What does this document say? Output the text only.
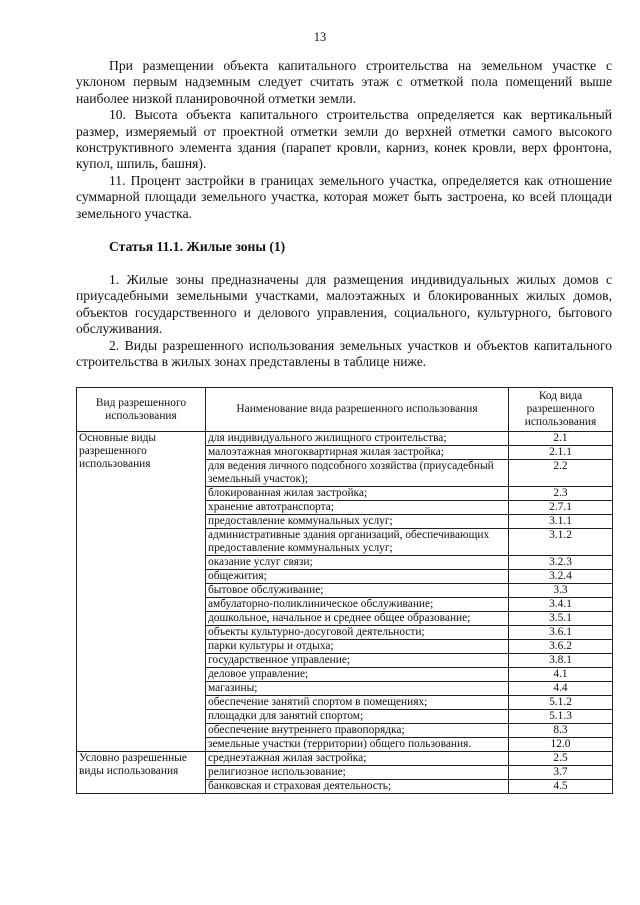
13

При размещении объекта капитального строительства на земельном участке с уклоном первым надземным следует считать этаж с отметкой пола помещений выше наиболее низкой планировочной отметки земли.

10. Высота объекта капитального строительства определяется как вертикальный размер, измеряемый от проектной отметки земли до верхней отметки самого высокого конструктивного элемента здания (парапет кровли, карниз, конек кровли, верх фронтона, купол, шпиль, башня).

11. Процент застройки в границах земельного участка, определяется как отношение суммарной площади земельного участка, которая может быть застроена, ко всей площади земельного участка.

Статья 11.1. Жилые зоны (1)

1. Жилые зоны предназначены для размещения индивидуальных жилых домов с приусадебными земельными участками, малоэтажных и блокированных жилых домов, объектов государственного и делового управления, социального, культурного, бытового обслуживания.

2. Виды разрешенного использования земельных участков и объектов капитального строительства в жилых зонах представлены в таблице ниже.

Вид разрешенного использования	Наименование вида разрешенного использования	Код вида разрешенного использования
Основные виды разрешенного использования	для индивидуального жилищного строительства;	2.1
	малоэтажная многоквартирная жилая застройка;	2.1.1
	для ведения личного подсобного хозяйства (приусадебный земельный участок);	2.2
	блокированная жилая застройка;	2.3
	хранение автотранспорта;	2.7.1
	предоставление коммунальных услуг;	3.1.1
	административные здания организаций, обеспечивающих предоставление коммунальных услуг;	3.1.2
	оказание услуг связи;	3.2.3
	общежития;	3.2.4
	бытовое обслуживание;	3.3
	амбулаторно-поликлиническое обслуживание;	3.4.1
	дошкольное, начальное и среднее общее образование;	3.5.1
	объекты культурно-досуговой деятельности;	3.6.1
	парки культуры и отдыха;	3.6.2
	государственное управление;	3.8.1
	деловое управление;	4.1
	магазины;	4.4
	обеспечение занятий спортом в помещениях;	5.1.2
	площадки для занятий спортом;	5.1.3
	обеспечение внутреннего правопорядка;	8.3
	земельные участки (территории) общего пользования.	12.0
Условно разрешенные виды использования	среднеэтажная жилая застройка;	2.5
	религиозное использование;	3.7
	банковская и страховая деятельность;	4.5
